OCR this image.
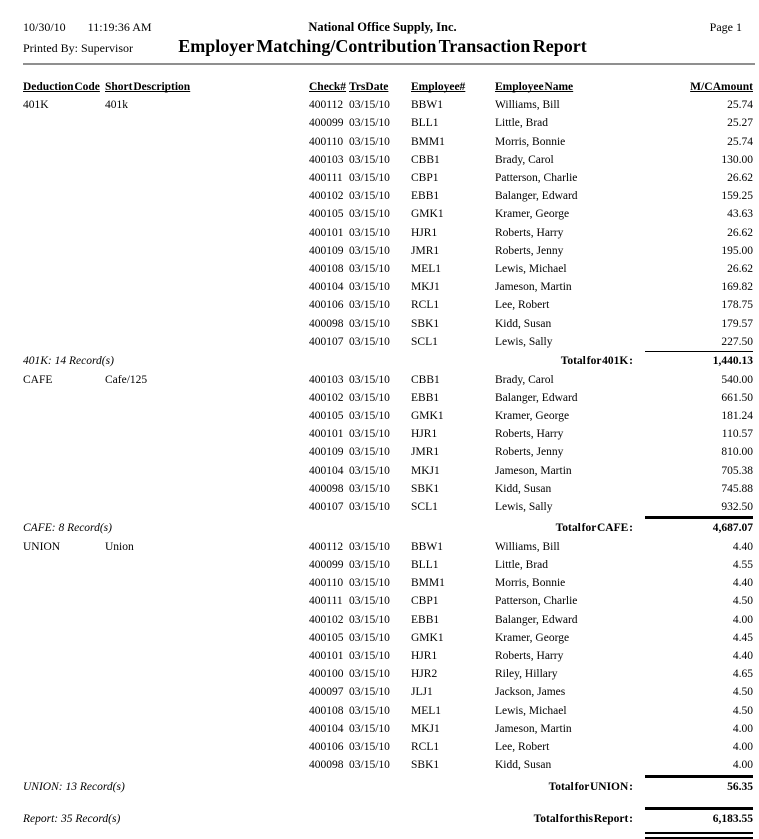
10/30/10 11:19:36 AM	National Office Supply, Inc.	Page 1
Printed By: Supervisor	Employer Matching/Contribution Transaction Report
Deduction Code Short Description	Check# TrsDate	Employee#	Employee Name	M/C Amount
401K	401k	400112 03/15/10	BBW1	Williams, Bill	25.74
400099 03/15/10	BLL1	Little, Brad	25.27
400110 03/15/10	BMM1	Morris, Bonnie	25.74
400103 03/15/10	CBB1	Brady, Carol	130.00
400111 03/15/10	CBP1	Patterson, Charlie	26.62
400102 03/15/10	EBB1	Balanger, Edward	159.25
400105 03/15/10	GMK1	Kramer, George	43.63
400101 03/15/10	HJR1	Roberts, Harry	26.62
400109 03/15/10	JMR1	Roberts, Jenny	195.00
400108 03/15/10	MEL1	Lewis, Michael	26.62
400104 03/15/10	MKJ1	Jameson, Martin	169.82
400106 03/15/10	RCL1	Lee, Robert	178.75
400098 03/15/10	SBK1	Kidd, Susan	179.57
400107 03/15/10	SCL1	Lewis, Sally	227.50
401K: 14 Record(s)	Total for 401K :	1,440.13
CAFE	Cafe/125	400103 03/15/10	CBB1	Brady, Carol	540.00
400102 03/15/10	EBB1	Balanger, Edward	661.50
400105 03/15/10	GMK1	Kramer, George	181.24
400101 03/15/10	HJR1	Roberts, Harry	110.57
400109 03/15/10	JMR1	Roberts, Jenny	810.00
400104 03/15/10	MKJ1	Jameson, Martin	705.38
400098 03/15/10	SBK1	Kidd, Susan	745.88
400107 03/15/10	SCL1	Lewis, Sally	932.50
CAFE: 8 Record(s)	Total for CAFE :	4,687.07
UNION	Union	400112 03/15/10	BBW1	Williams, Bill	4.40
400099 03/15/10	BLL1	Little, Brad	4.55
400110 03/15/10	BMM1	Morris, Bonnie	4.40
400111 03/15/10	CBP1	Patterson, Charlie	4.50
400102 03/15/10	EBB1	Balanger, Edward	4.00
400105 03/15/10	GMK1	Kramer, George	4.45
400101 03/15/10	HJR1	Roberts, Harry	4.40
400100 03/15/10	HJR2	Riley, Hillary	4.65
400097 03/15/10	JLJ1	Jackson, James	4.50
400108 03/15/10	MEL1	Lewis, Michael	4.50
400104 03/15/10	MKJ1	Jameson, Martin	4.00
400106 03/15/10	RCL1	Lee, Robert	4.00
400098 03/15/10	SBK1	Kidd, Susan	4.00
UNION: 13 Record(s)	Total for UNION :	56.35
Report: 35 Record(s)	Total for this Report :	6,183.55
